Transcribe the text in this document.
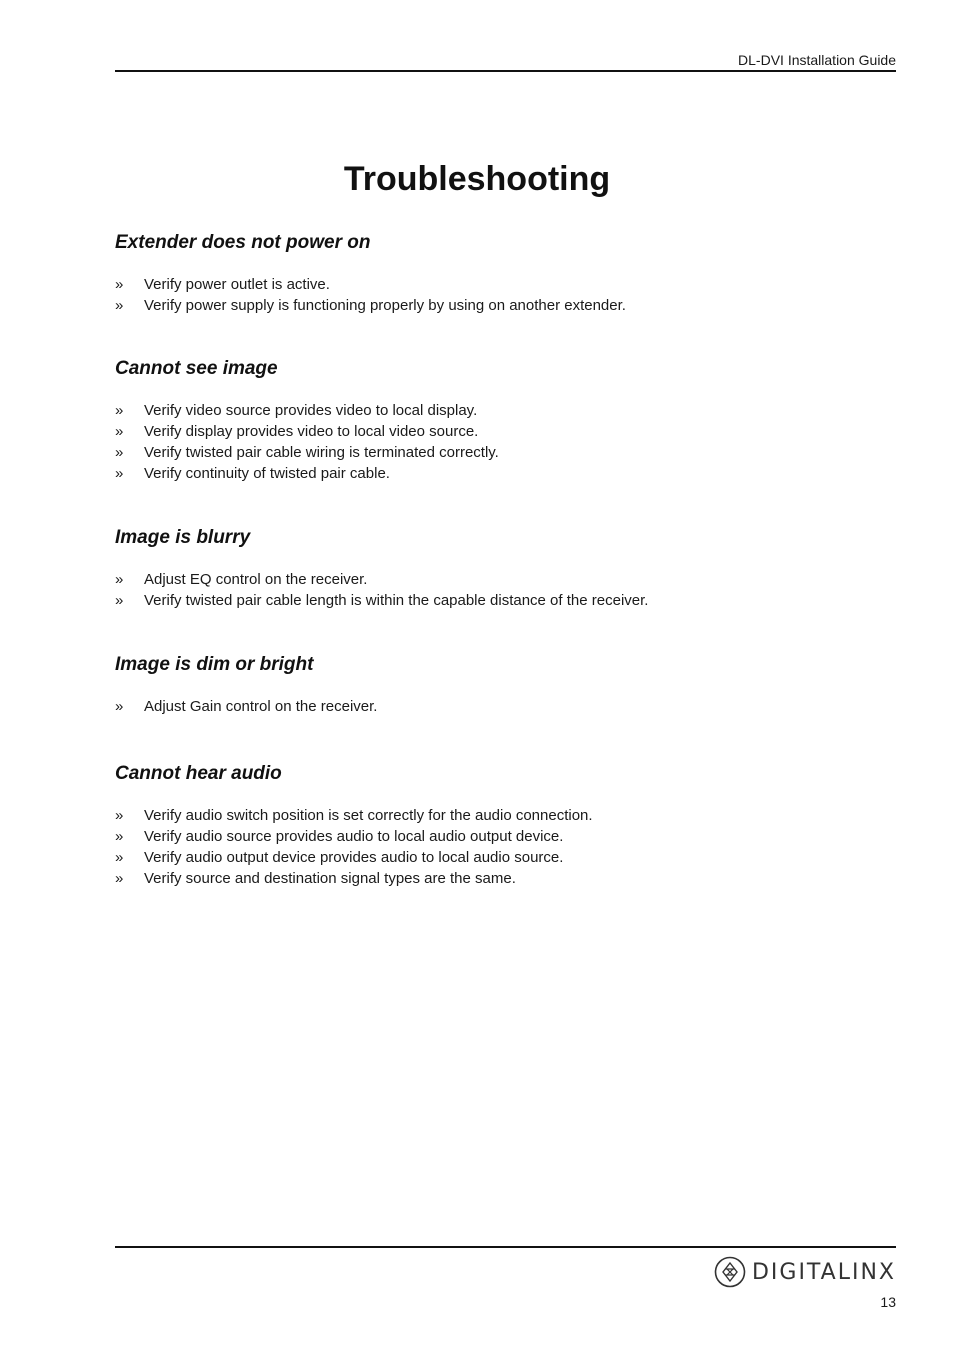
DL-DVI Installation Guide
Troubleshooting
Extender does not power on
» Verify power outlet is active.
» Verify power supply is functioning properly by using on another extender.
Cannot see image
» Verify video source provides video to local display.
» Verify display provides video to local video source.
» Verify twisted pair cable wiring is terminated correctly.
» Verify continuity of twisted pair cable.
Image is blurry
» Adjust EQ control on the receiver.
» Verify twisted pair cable length is within the capable distance of the receiver.
Image is dim or bright
» Adjust Gain control on the receiver.
Cannot hear audio
» Verify audio switch position is set correctly for the audio connection.
» Verify audio source provides audio to local audio output device.
» Verify audio output device provides audio to local audio source.
» Verify source and destination signal types are the same.
DIGITALINX
13
